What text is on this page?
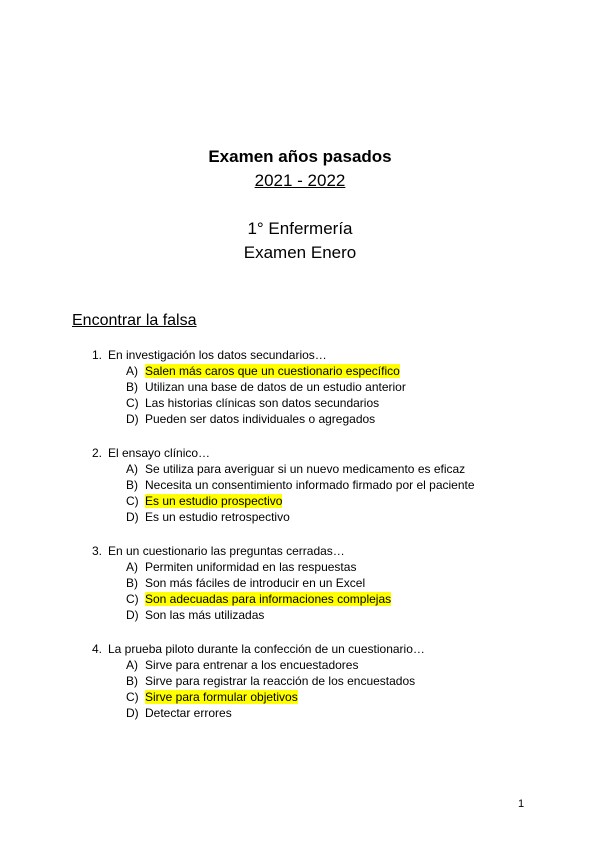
Examen años pasados
2021 - 2022
1° Enfermería
Examen Enero
Encontrar la falsa
1. En investigación los datos secundarios…
A) Salen más caros que un cuestionario específico
B) Utilizan una base de datos de un estudio anterior
C) Las historias clínicas son datos secundarios
D) Pueden ser datos individuales o agregados
2. El ensayo clínico…
A) Se utiliza para averiguar si un nuevo medicamento es eficaz
B) Necesita un consentimiento informado firmado por el paciente
C) Es un estudio prospectivo
D) Es un estudio retrospectivo
3. En un cuestionario las preguntas cerradas…
A) Permiten uniformidad en las respuestas
B) Son más fáciles de introducir en un Excel
C) Son adecuadas para informaciones complejas
D) Son las más utilizadas
4. La prueba piloto durante la confección de un cuestionario…
A) Sirve para entrenar a los encuestadores
B) Sirve para registrar la reacción de los encuestados
C) Sirve para formular objetivos
D) Detectar errores
1
